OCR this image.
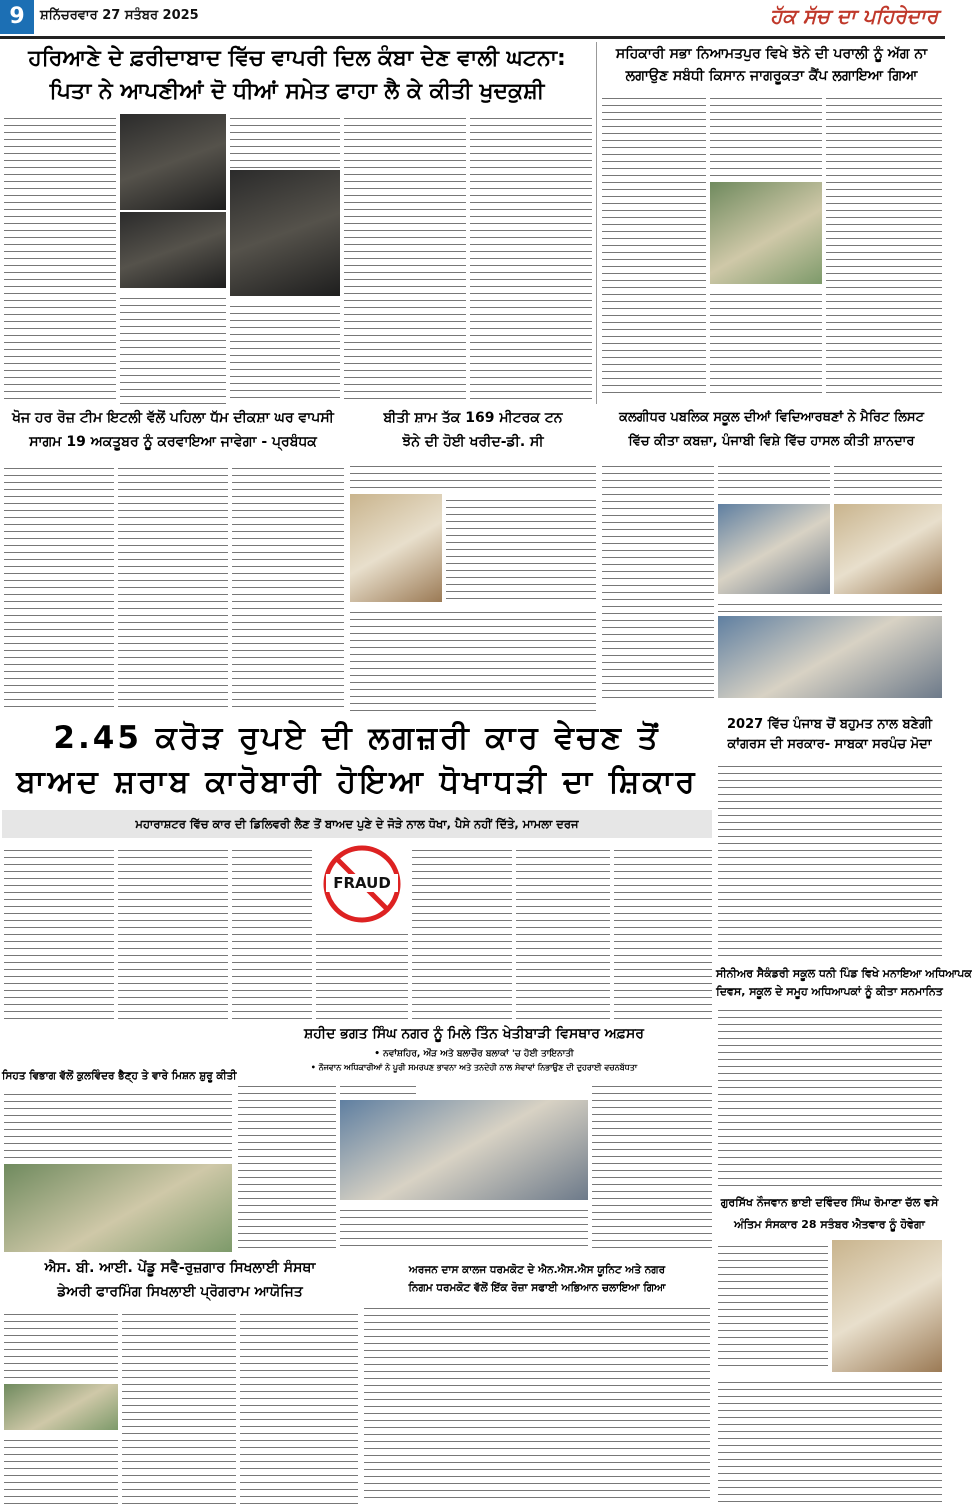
9	ਸ਼ਨਿੱਚਰਵਾਰ 27 ਸਤੰਬਰ 2025	ਹੱਕ ਸੱਚ ਦਾ ਪਹਿਰੇਦਾਰ
ਹਰਿਆਣੇ ਦੇ ਫ਼ਰੀਦਾਬਾਦ ਵਿੱਚ ਵਾਪਰੀ ਦਿਲ ਕੰਬਾ ਦੇਣ ਵਾਲੀ ਘਟਨਾ:
ਪਿਤਾ ਨੇ ਆਪਣੀਆਂ ਦੋ ਧੀਆਂ ਸਮੇਤ ਫਾਹਾ ਲੈ ਕੇ ਕੀਤੀ ਖੁਦਕੁਸ਼ੀ
ਸਹਿਕਾਰੀ ਸਭਾ ਨਿਆਮਤਪੁਰ ਵਿਖੇ ਝੋਨੇ ਦੀ ਪਰਾਲੀ ਨੂੰ ਅੱਗ ਨਾ
ਲਗਾਉਣ ਸਬੰਧੀ ਕਿਸਾਨ ਜਾਗਰੂਕਤਾ ਕੈਂਪ ਲਗਾਇਆ ਗਿਆ
ਖੋਜ ਹਰ ਰੋਜ਼ ਟੀਮ ਇਟਲੀ ਵੱਲੋਂ ਪਹਿਲਾ ਧੱਮ ਦੀਕਸ਼ਾ ਘਰ ਵਾਪਸੀ
ਸਾਗਮ 19 ਅਕਤੂਬਰ ਨੂੰ ਕਰਵਾਇਆ ਜਾਵੇਗਾ - ਪ੍ਰਬੰਧਕ
ਬੀਤੀ ਸ਼ਾਮ ਤੱਕ 169 ਮੀਟਰਕ ਟਨ
ਝੋਨੇ ਦੀ ਹੋਈ ਖਰੀਦ-ਡੀ. ਸੀ
ਕਲਗੀਧਰ ਪਬਲਿਕ ਸਕੂਲ ਦੀਆਂ ਵਿਦਿਆਰਥਣਾਂ ਨੇ ਮੈਰਿਟ ਲਿਸਟ
ਵਿੱਚ ਕੀਤਾ ਕਬਜ਼ਾ, ਪੰਜਾਬੀ ਵਿਸ਼ੇ ਵਿੱਚ ਹਾਸਲ ਕੀਤੀ ਸ਼ਾਨਦਾਰ
2.45 ਕਰੋੜ ਰੁਪਏ ਦੀ ਲਗਜ਼ਰੀ ਕਾਰ ਵੇਚਣ ਤੋਂ
ਬਾਅਦ ਸ਼ਰਾਬ ਕਾਰੋਬਾਰੀ ਹੋਇਆ ਧੋਖਾਧੜੀ ਦਾ ਸ਼ਿਕਾਰ
ਮਹਾਰਾਸ਼ਟਰ ਵਿੱਚ ਕਾਰ ਦੀ ਡਿਲਿਵਰੀ ਲੈਣ ਤੋਂ ਬਾਅਦ ਪੁਣੇ ਦੇ ਜੋੜੇ ਨਾਲ ਧੋਖਾ, ਪੈਸੇ ਨਹੀਂ ਦਿੱਤੇ, ਮਾਮਲਾ ਦਰਜ
FRAUD
2027 ਵਿੱਚ ਪੰਜਾਬ ਚੋਂ ਬਹੁਮਤ ਨਾਲ ਬਣੇਗੀ
ਕਾਂਗਰਸ ਦੀ ਸਰਕਾਰ- ਸਾਬਕਾ ਸਰਪੰਚ ਮੋਦਾ
ਸੀਨੀਅਰ ਸੈਕੰਡਰੀ ਸਕੂਲ ਧਨੀ ਪਿੰਡ ਵਿਖੇ ਮਨਾਇਆ ਅਧਿਆਪਕ
ਦਿਵਸ, ਸਕੂਲ ਦੇ ਸਮੂਹ ਅਧਿਆਪਕਾਂ ਨੂੰ ਕੀਤਾ ਸਨਮਾਨਿਤ
ਸ਼ਹੀਦ ਭਗਤ ਸਿੰਘ ਨਗਰ ਨੂੰ ਮਿਲੇ ਤਿੰਨ ਖੇਤੀਬਾੜੀ ਵਿਸਥਾਰ ਅਫ਼ਸਰ
• ਨਵਾਂਸ਼ਹਿਰ, ਔੜ ਅਤੇ ਬਲਾਚੌਰ ਬਲਾਕਾਂ 'ਚ ਹੋਈ ਤਾਇਨਾਤੀ
• ਨੌਜਵਾਨ ਅਧਿਕਾਰੀਆਂ ਨੇ ਪੂਰੀ ਸਮਰਪਣ ਭਾਵਨਾ ਅਤੇ ਤਨਦੇਹੀ ਨਾਲ ਸੇਵਾਵਾਂ ਨਿਭਾਉਣ ਦੀ ਦੁਹਰਾਈ ਵਚਨਬੱਧਤਾ
ਸਿਹਤ ਵਿਭਾਗ ਵੱਲੋਂ ਕੁਲਵਿੰਦਰ ਭੈਣ੍ਹ ਤੇ ਵਾਰੇ ਮਿਸ਼ਨ ਸ਼ੁਰੂ ਕੀਤੀ
ਐਸ. ਬੀ. ਆਈ. ਪੇਂਡੂ ਸਵੈ-ਰੁਜ਼ਗਾਰ ਸਿਖਲਾਈ ਸੰਸਥਾ
ਡੇਅਰੀ ਫਾਰਮਿੰਗ ਸਿਖਲਾਈ ਪ੍ਰੋਗਰਾਮ ਆਯੋਜਿਤ
ਅਰਜਨ ਦਾਸ ਕਾਲਜ ਧਰਮਕੋਟ ਦੇ ਐਨ.ਐਸ.ਐਸ ਯੂਨਿਟ ਅਤੇ ਨਗਰ
ਨਿਗਮ ਧਰਮਕੋਟ ਵੱਲੋਂ ਇੱਕ ਰੋਜ਼ਾ ਸਫਾਈ ਅਭਿਆਨ ਚਲਾਇਆ ਗਿਆ
ਗੁਰਸਿੱਖ ਨੌਜਵਾਨ ਭਾਈ ਦਵਿੰਦਰ ਸਿੰਘ ਰੋਮਾਣਾ ਚੱਲ ਵਸੇ
ਅੰਤਿਮ ਸੰਸਕਾਰ 28 ਸਤੰਬਰ ਐਤਵਾਰ ਨੂੰ ਹੋਵੇਗਾ
